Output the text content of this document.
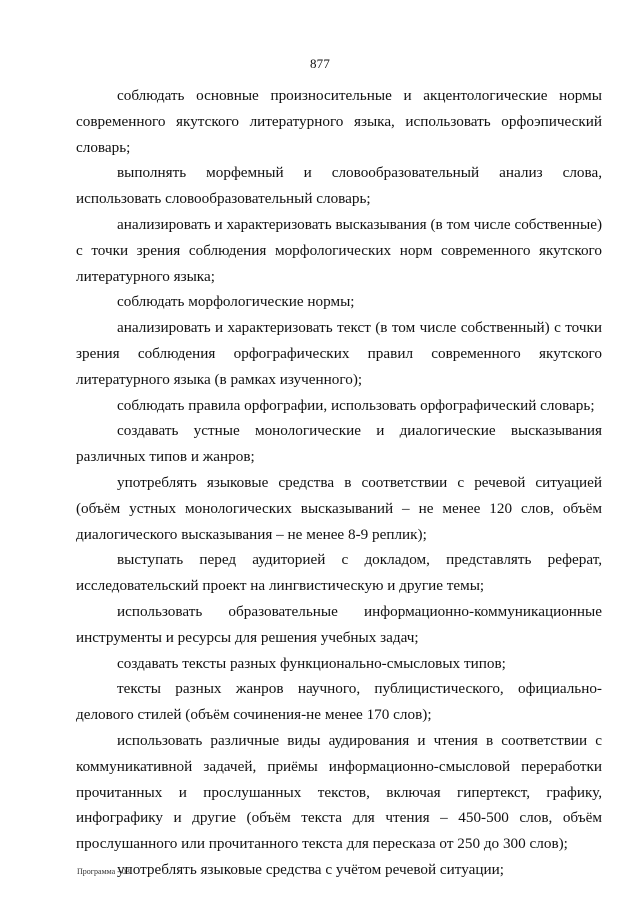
877

соблюдать основные произносительные и акцентологические нормы современного якутского литературного языка, использовать орфоэпический словарь;

выполнять морфемный и словообразовательный анализ слова, использовать словообразовательный словарь;

анализировать и характеризовать высказывания (в том числе собственные) с точки зрения соблюдения морфологических норм современного якутского литературного языка;

соблюдать морфологические нормы;

анализировать и характеризовать текст (в том числе собственный) с точки зрения соблюдения орфографических правил современного якутского литературного языка (в рамках изученного);

соблюдать правила орфографии, использовать орфографический словарь;

создавать устные монологические и диалогические высказывания различных типов и жанров;

употреблять языковые средства в соответствии с речевой ситуацией (объём устных монологических высказываний – не менее 120 слов, объём диалогического высказывания – не менее 8-9 реплик);

выступать перед аудиторией с докладом, представлять реферат, исследовательский проект на лингвистическую и другие темы;

использовать образовательные информационно-коммуникационные инструменты и ресурсы для решения учебных задач;

создавать тексты разных функционально-смысловых типов;

тексты разных жанров научного, публицистического, официально-делового стилей (объём сочинения-не менее 170 слов);

использовать различные виды аудирования и чтения в соответствии с коммуникативной задачей, приёмы информационно-смысловой переработки прочитанных и прослушанных текстов, включая гипертекст, графику, инфографику и другие (объём текста для чтения – 450-500 слов, объём прослушанного или прочитанного текста для пересказа от 250 до 300 слов);

употреблять языковые средства с учётом речевой ситуации;

Программа - 03
